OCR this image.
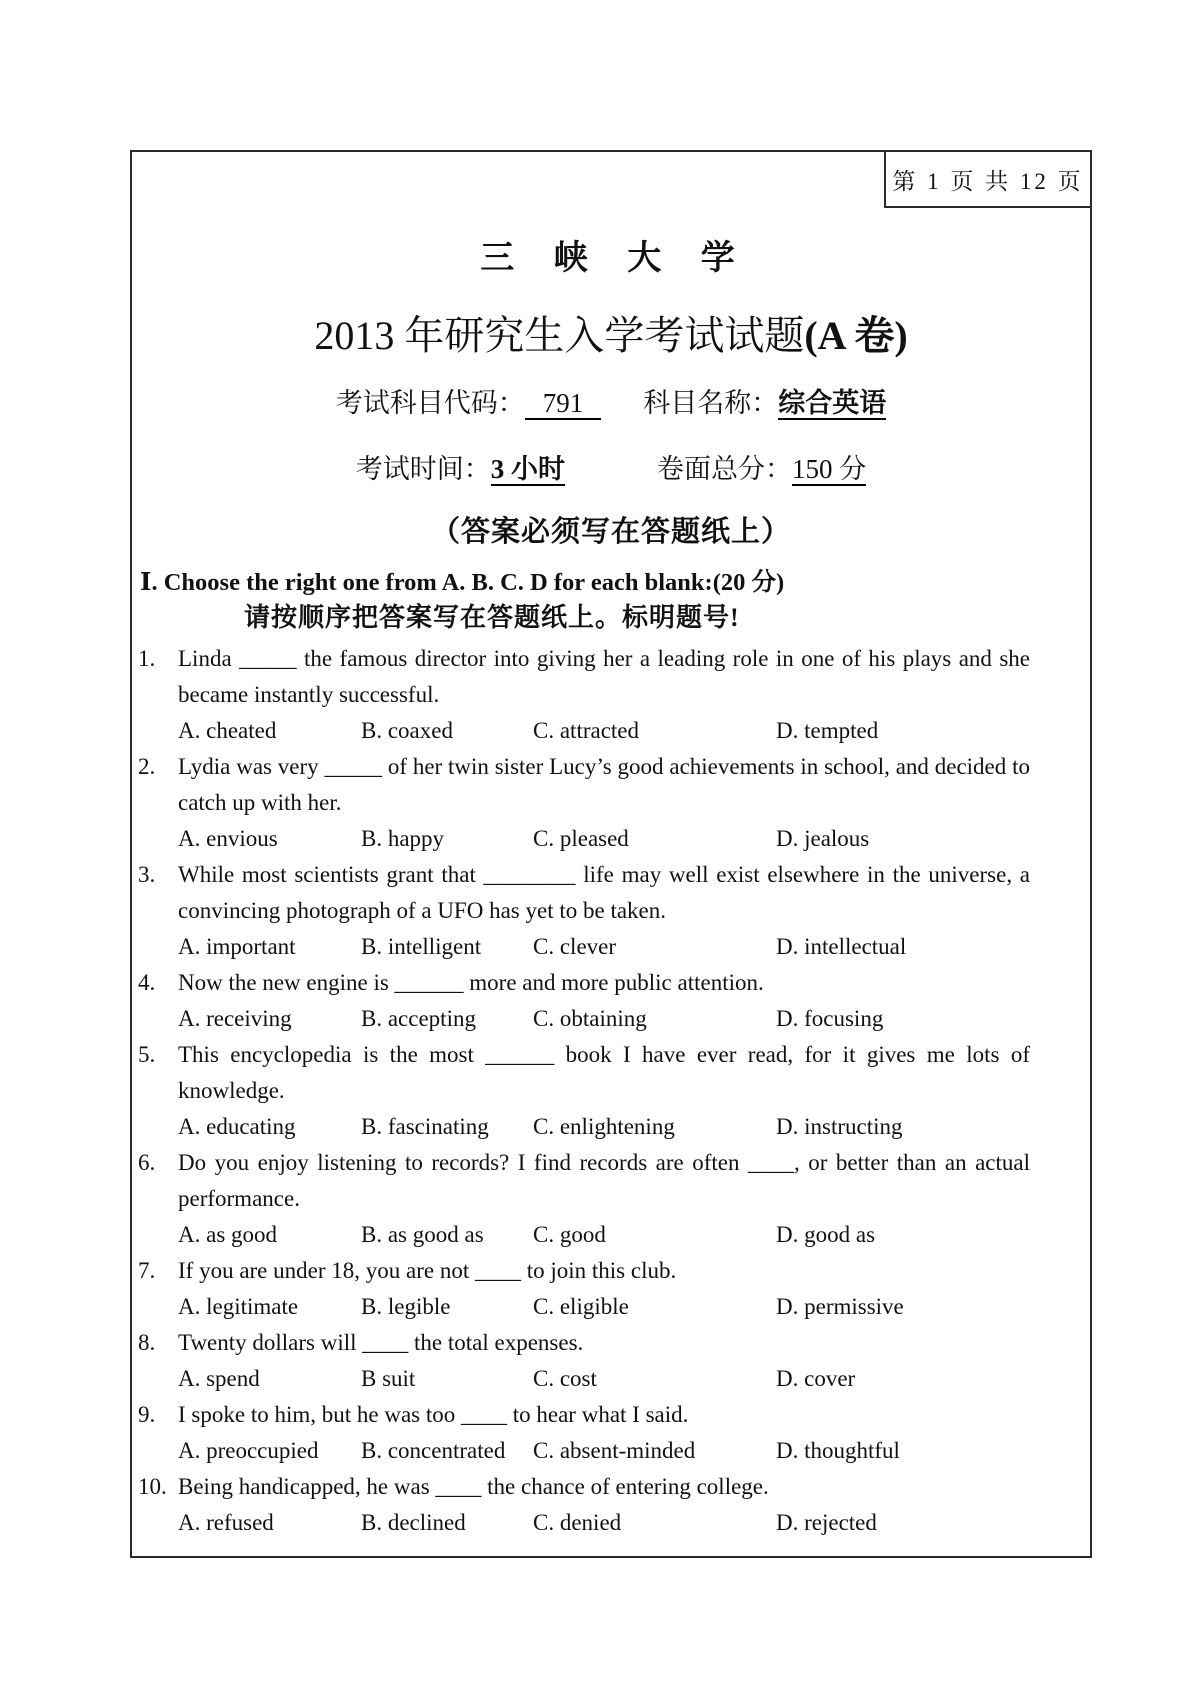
第 1 页 共 12 页
三 峡 大 学
2013 年研究生入学考试试题(A 卷)
考试科目代码： 791 科目名称：综合英语
考试时间：3 小时	卷面总分：150 分
（答案必须写在答题纸上）
Ⅰ. Choose the right one from A. B. C. D for each blank:(20 分)
请按顺序把答案写在答题纸上。标明题号!
1. Linda _____ the famous director into giving her a leading role in one of his plays and she became instantly successful.
A. cheated	B. coaxed	C. attracted	D. tempted
2. Lydia was very _____ of her twin sister Lucy’s good achievements in school, and decided to catch up with her.
A. envious	B. happy	C. pleased	D. jealous
3. While most scientists grant that ________ life may well exist elsewhere in the universe, a convincing photograph of a UFO has yet to be taken.
A. important	B. intelligent	C. clever	D. intellectual
4. Now the new engine is ______ more and more public attention.
A. receiving	B. accepting	C. obtaining	D. focusing
5. This encyclopedia is the most ______ book I have ever read, for it gives me lots of knowledge.
A. educating	B. fascinating	C. enlightening	D. instructing
6. Do you enjoy listening to records? I find records are often ____, or better than an actual performance.
A. as good	B. as good as	C. good	D. good as
7. If you are under 18, you are not ____ to join this club.
A. legitimate	B. legible	C. eligible	D. permissive
8. Twenty dollars will ____ the total expenses.
A. spend	B suit	C. cost	D. cover
9. I spoke to him, but he was too ____ to hear what I said.
A. preoccupied	B. concentrated	C. absent-minded	D. thoughtful
10. Being handicapped, he was ____ the chance of entering college.
A. refused	B. declined	C. denied	D. rejected
